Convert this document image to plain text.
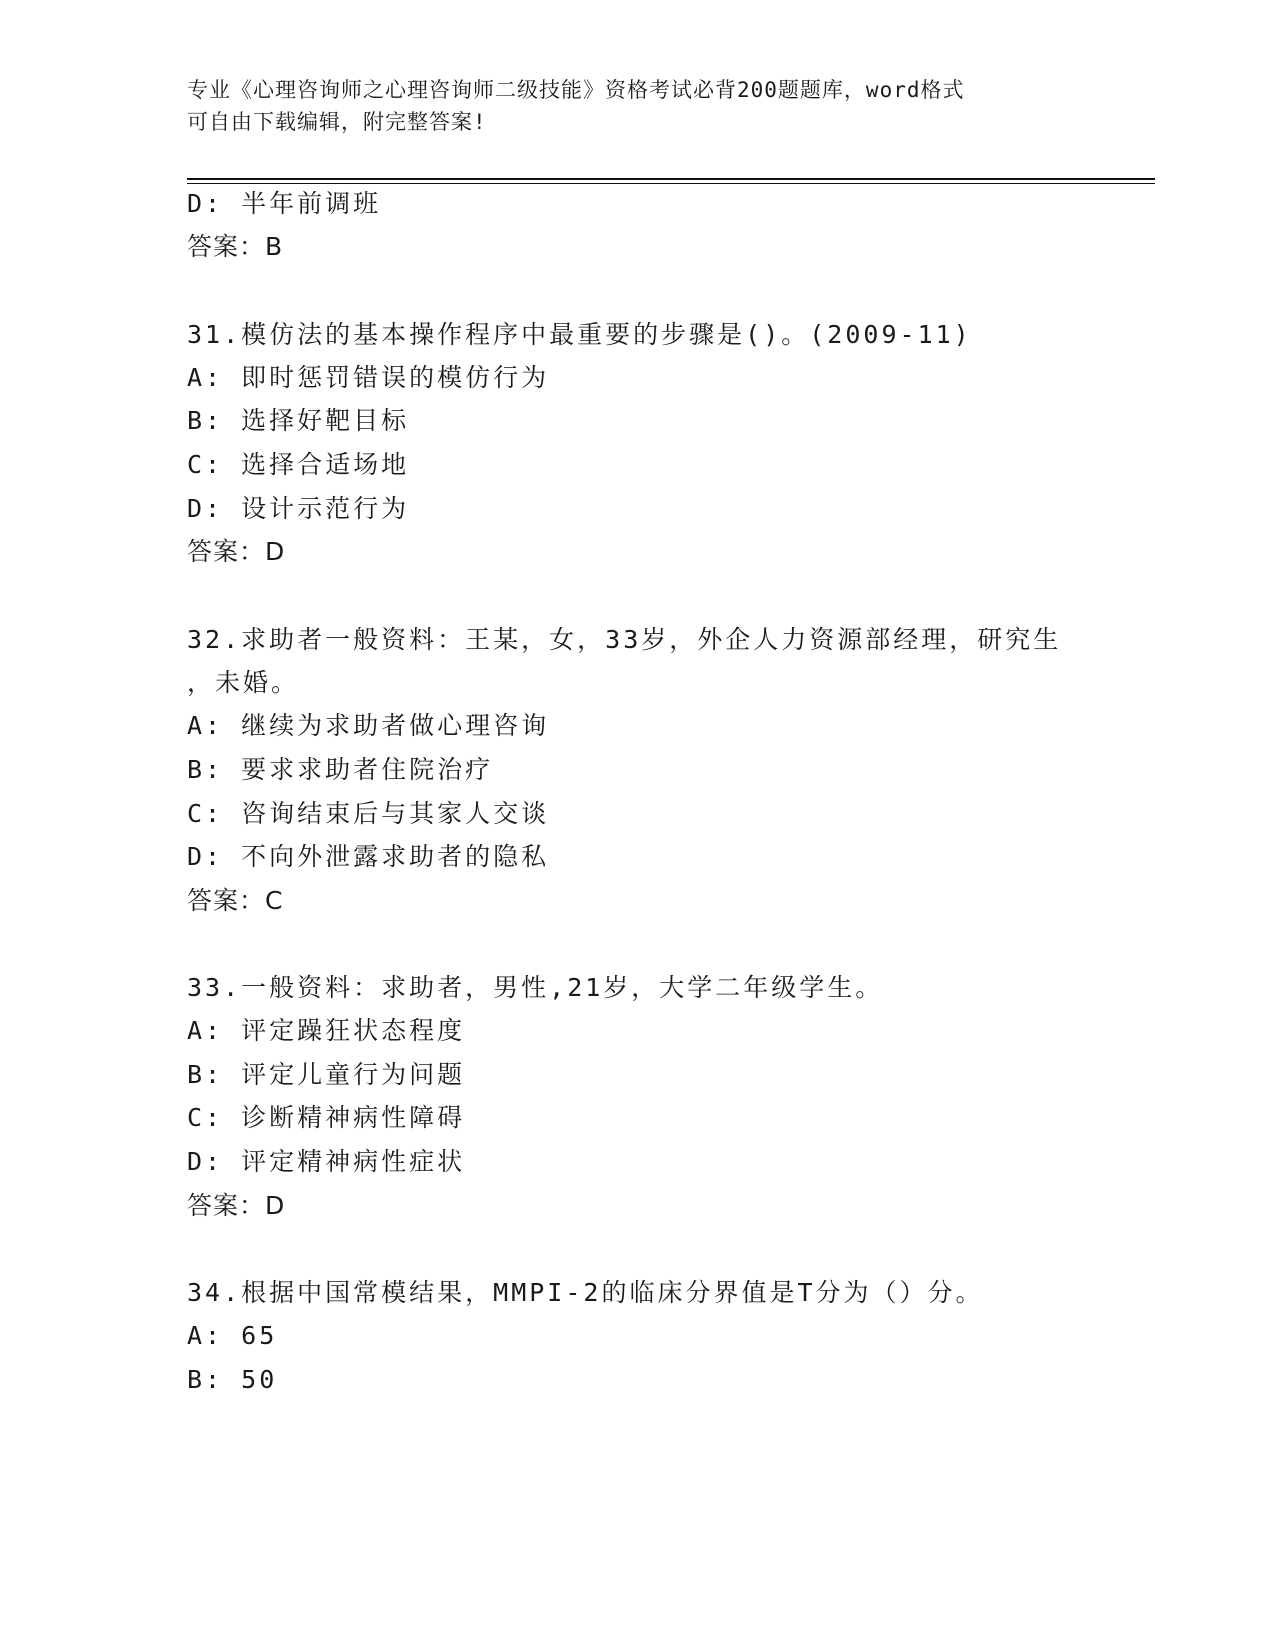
专业《心理咨询师之心理咨询师二级技能》资格考试必背200题题库，word格式
可自由下载编辑，附完整答案!
D: 半年前调班
答案：B
31.模仿法的基本操作程序中最重要的步骤是()。(2009-11)
A: 即时惩罚错误的模仿行为
B: 选择好靶目标
C: 选择合适场地
D: 设计示范行为
答案：D
32.求助者一般资料：王某，女，33岁，外企人力资源部经理，研究生
，未婚。
A: 继续为求助者做心理咨询
B: 要求求助者住院治疗
C: 咨询结束后与其家人交谈
D: 不向外泄露求助者的隐私
答案：C
33.一般资料：求助者，男性,21岁，大学二年级学生。
A: 评定躁狂状态程度
B: 评定儿童行为问题
C: 诊断精神病性障碍
D: 评定精神病性症状
答案：D
34.根据中国常模结果，MMPI-2的临床分界值是T分为（）分。
A: 65
B: 50
